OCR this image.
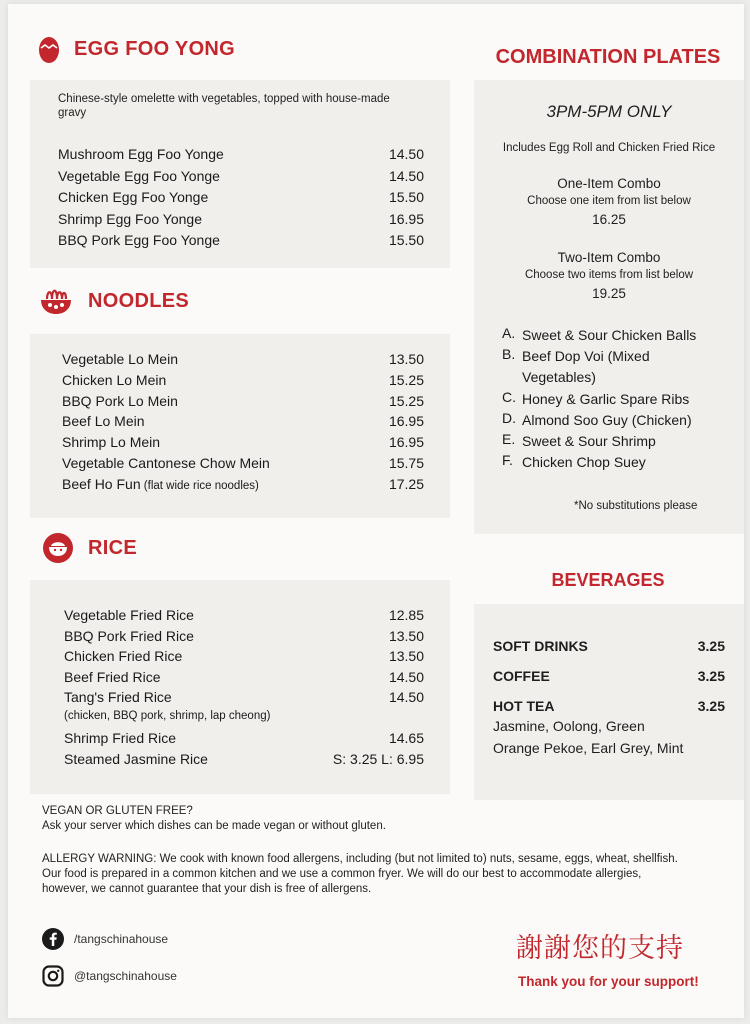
EGG FOO YONG
Chinese-style omelette with vegetables, topped with house-made gravy
Mushroom Egg Foo Yonge	14.50
Vegetable Egg Foo Yonge	14.50
Chicken Egg Foo Yonge	15.50
Shrimp Egg Foo Yonge	16.95
BBQ Pork Egg Foo Yonge	15.50
NOODLES
Vegetable Lo Mein	13.50
Chicken Lo Mein	15.25
BBQ Pork Lo Mein	15.25
Beef Lo Mein	16.95
Shrimp Lo Mein	16.95
Vegetable Cantonese Chow Mein	15.75
Beef Ho Fun (flat wide rice noodles)	17.25
RICE
Vegetable Fried Rice	12.85
BBQ Pork Fried Rice	13.50
Chicken Fried Rice	13.50
Beef Fried Rice	14.50
Tang's Fried Rice	14.50
(chicken, BBQ pork, shrimp, lap cheong)
Shrimp Fried Rice	14.65
Steamed Jasmine Rice	S: 3.25 L: 6.95
COMBINATION PLATES
3PM-5PM ONLY
Includes Egg Roll and Chicken Fried Rice
One-Item Combo
Choose one item from list below
16.25
Two-Item Combo
Choose two items from list below
19.25
A. Sweet & Sour Chicken Balls
B. Beef Dop Voi (Mixed Vegetables)
C. Honey & Garlic Spare Ribs
D. Almond Soo Guy (Chicken)
E. Sweet & Sour Shrimp
F. Chicken Chop Suey
*No substitutions please
BEVERAGES
SOFT DRINKS	3.25
COFFEE	3.25
HOT TEA	3.25
Jasmine, Oolong, Green
Orange Pekoe, Earl Grey, Mint
VEGAN OR GLUTEN FREE?
Ask your server which dishes can be made vegan or without gluten.
ALLERGY WARNING: We cook with known food allergens, including (but not limited to) nuts, sesame, eggs, wheat, shellfish.
Our food is prepared in a common kitchen and we use a common fryer. We will do our best to accommodate allergies,
however, we cannot guarantee that your dish is free of allergens.
/tangschinahouse
@tangschinahouse
謝謝您的支持
Thank you for your support!
